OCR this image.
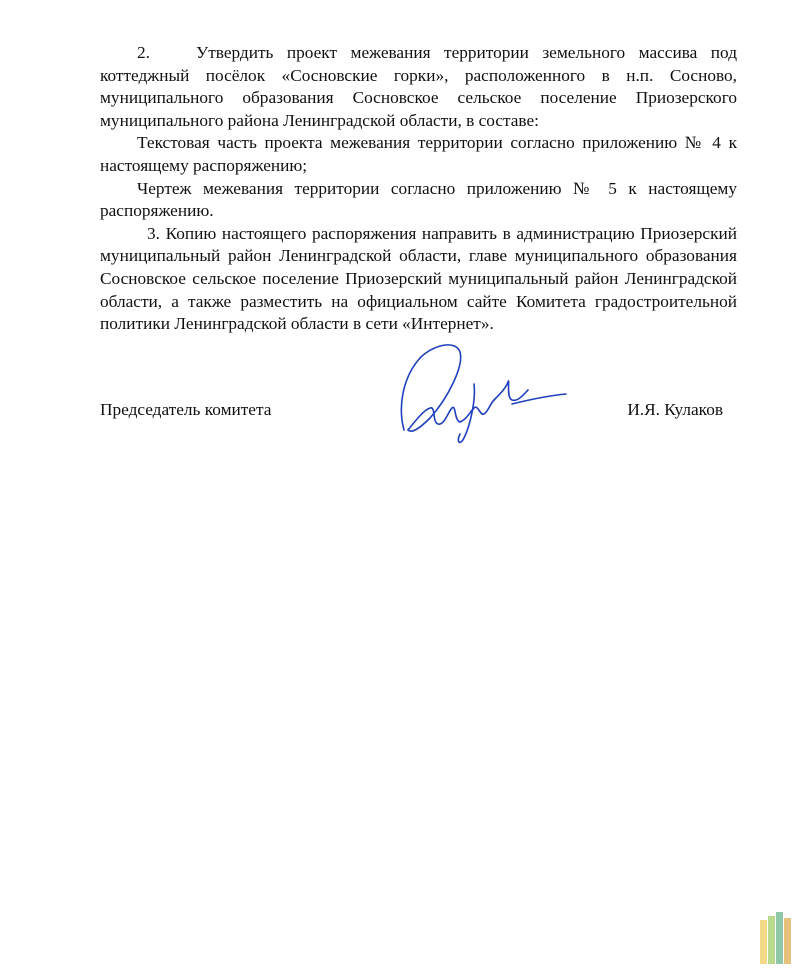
2.	Утвердить проект межевания территории земельного массива под коттеджный посёлок «Сосновские горки», расположенного в н.п. Сосново, муниципального образования Сосновское сельское поселение Приозерского муниципального района Ленинградской области, в составе:

Текстовая часть проекта межевания территории согласно приложению № 4 к настоящему распоряжению;

Чертеж межевания территории согласно приложению № 5 к настоящему распоряжению.

3. Копию настоящего распоряжения направить в администрацию Приозерский муниципальный район Ленинградской области, главе муниципального образования Сосновское сельское поселение Приозерский муниципальный район Ленинградской области, а также разместить на официальном сайте Комитета градостроительной политики Ленинградской области в сети «Интернет».

Председатель комитета	И.Я. Кулаков
